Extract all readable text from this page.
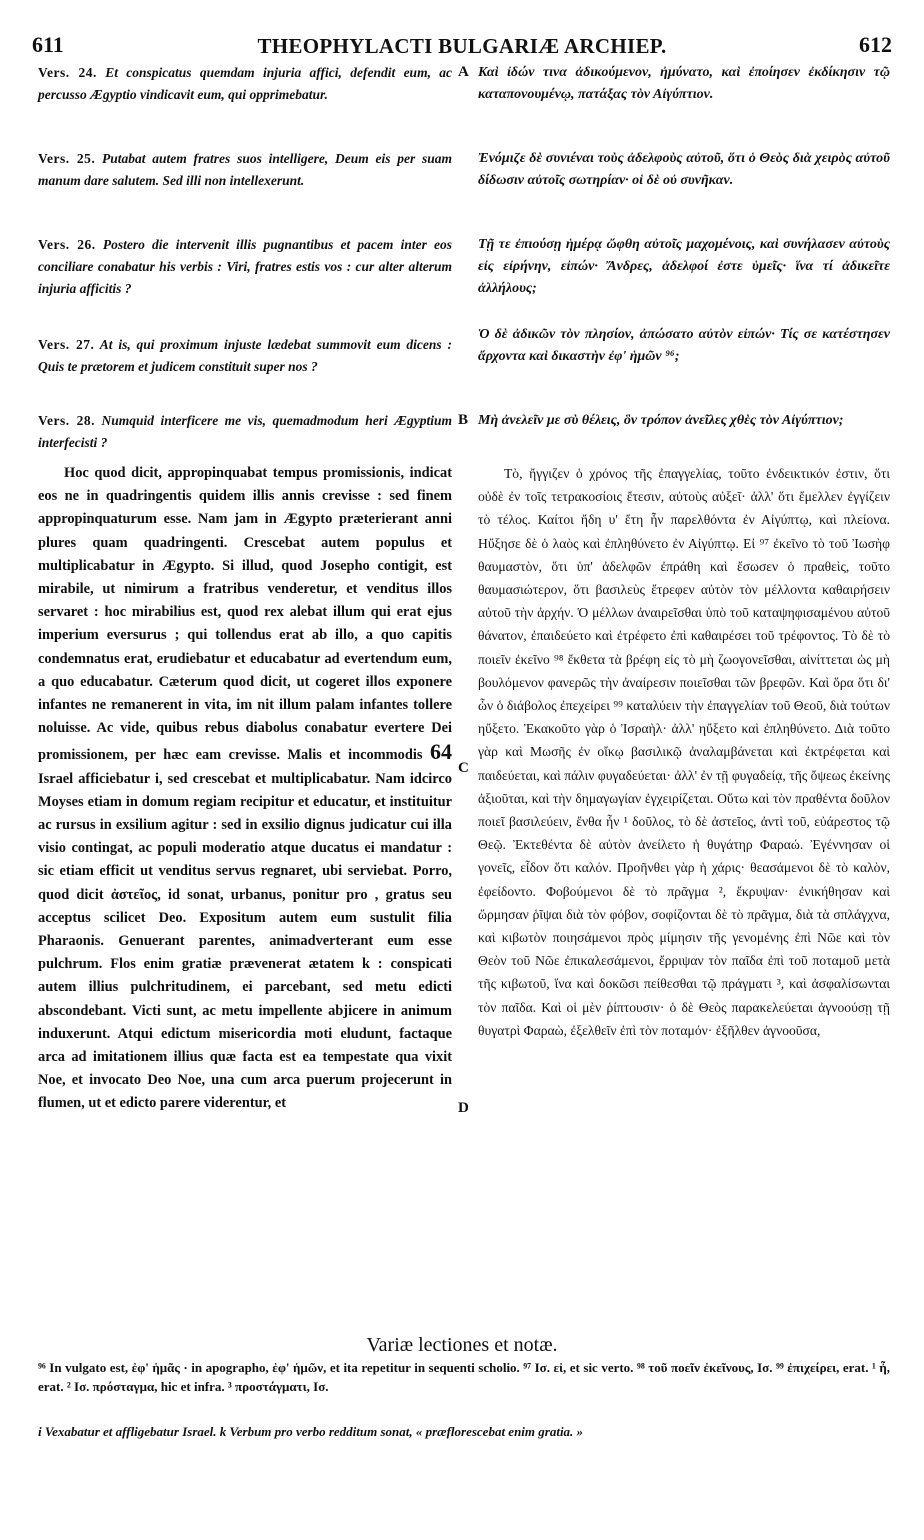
611	THEOPHYLACTI BULGARIÆ ARCHIEP.	612
A
B
C
D

Vers. 24. Et conspicatus quemdam injuria affici, defendit eum, ac percusso Ægyptio vindicavit eum, qui opprimebatur.

Vers. 25. Putabat autem fratres suos intelligere, Deum eis per suam manum dare salutem. Sed illi non intellexerunt.

Vers. 26. Postero die intervenit illis pugnantibus et pacem inter eos conciliare conabatur his verbis : Viri, fratres estis vos : cur alter alterum injuria afficitis ?

Vers. 27. At is, qui proximum injuste lædebat summovit eum dicens : Quis te prætorem et judicem constituit super nos ?

Vers. 28. Numquid interficere me vis, quemadmodum heri Ægyptium interfecisti ?

Hoc quod dicit, appropinquabat tempus promissionis, indicat eos ne in quadringentis quidem illis annis crevisse : sed finem appropinquaturum esse. Nam jam in Ægypto præterierant anni plures quam quadringenti. Crescebat autem populus et multiplicabatur in Ægypto. Si illud, quod Josepho contigit, est mirabile, ut nimirum a fratribus venderetur, et venditus illos servaret : hoc mirabilius est, quod rex alebat illum qui erat ejus imperium eversurus ; qui tollendus erat ab illo, a quo capitis condemnatus erat, erudiebatur et educabatur ad evertendum eum, a quo educabatur. Cæterum quod dicit, ut cogeret illos exponere infantes ne remanerent in vita, im nit illum palam infantes tollere noluisse. Ac vide, quibus rebus diabolus conabatur evertere Dei promissionem, per hæc eam crevisse. Malis et incommodis 64 Israel afficiebatur i, sed crescebat et multiplicabatur. Nam idcirco Moyses etiam in domum regiam recipitur et educatur, et instituitur ac rursus in exsilium agitur : sed in exsilio dignus judicatur cui illa visio contingat, ac populi moderatio atque ducatus ei mandatur : sic etiam efficit ut venditus servus regnaret, ubi serviebat. Porro, quod dicit ἀστεῖος, id sonat, urbanus, ponitur pro , gratus seu acceptus scilicet Deo. Expositum autem eum sustulit filia Pharaonis. Genuerant parentes, animadverterant eum esse pulchrum. Flos enim gratiæ prævenerat ætatem k : conspicati autem illius pulchritudinem, ei parcebant, sed metu edicti abscondebant. Victi sunt, ac metu impellente abjicere in animum induxerunt. Atqui edictum misericordia moti eludunt, factaque arca ad imitationem illius quæ facta est ea tempestate qua vixit Noe, et invocato Deo Noe, una cum arca puerum projecerunt in flumen, ut et edicto parere viderentur, et

Καὶ ἰδών τινα ἀδικούμενον, ἠμύνατο, καὶ ἐποίησεν ἐκδίκησιν τῷ καταπονουμένῳ, πατάξας τὸν Αἰγύπτιον.

Ἐνόμιζε δὲ συνιέναι τοὺς ἀδελφοὺς αὐτοῦ, ὅτι ὁ Θεὸς διὰ χειρὸς αὐτοῦ δίδωσιν αὐτοῖς σωτηρίαν· οἱ δὲ οὐ συνῆκαν.

Τῇ τε ἐπιούσῃ ἡμέρᾳ ὤφθη αὐτοῖς μαχομένοις, καὶ συνήλασεν αὐτοὺς εἰς εἰρήνην, εἰπών· Ἄνδρες, ἀδελφοί ἐστε ὑμεῖς· ἵνα τί ἀδικεῖτε ἀλλήλους;

Ὁ δὲ ἀδικῶν τὸν πλησίον, ἀπώσατο αὐτὸν εἰπών· Τίς σε κατέστησεν ἄρχοντα καὶ δικαστὴν ἐφ' ἡμῶν ⁹⁶;

Μὴ ἀνελεῖν με σὺ θέλεις, ὃν τρόπον ἀνεῖλες χθὲς τὸν Αἰγύπτιον;

Τὸ, ἤγγιζεν ὁ χρόνος τῆς ἐπαγγελίας, τοῦτο ἐνδεικτικόν ἐστιν, ὅτι οὐδὲ ἐν τοῖς τετρακοσίοις ἔτεσιν, αὐτοὺς αὐξεῖ· ἀλλ' ὅτι ἔμελλεν ἐγγίζειν τὸ τέλος. Καίτοι ἤδη υ' ἔτη ἦν παρελθόντα ἐν Αἰγύπτῳ, καὶ πλείονα. Ηὔξησε δὲ ὁ λαὸς καὶ ἐπληθύνετο ἐν Αἰγύπτῳ. Εἰ ⁹⁷ ἐκεῖνο τὸ τοῦ Ἰωσὴφ θαυμαστὸν, ὅτι ὑπ' ἀδελφῶν ἐπράθη καὶ ἔσωσεν ὁ πραθεὶς, τοῦτο θαυμασιώτερον, ὅτι βασιλεὺς ἔτρεφεν αὐτὸν τὸν μέλλοντα καθαιρήσειν αὐτοῦ τὴν ἀρχήν. Ὁ μέλλων ἀναιρεῖσθαι ὑπὸ τοῦ καταψηφισαμένου αὐτοῦ θάνατον, ἐπαιδεύετο καὶ ἐτρέφετο ἐπὶ καθαιρέσει τοῦ τρέφοντος. Τὸ δὲ τὸ ποιεῖν ἐκεῖνο ⁹⁸ ἔκθετα τὰ βρέφη εἰς τὸ μὴ ζωογονεῖσθαι, αἰνίττεται ὡς μὴ βουλόμενον φανερῶς τὴν ἀναίρεσιν ποιεῖσθαι τῶν βρεφῶν. Καὶ ὅρα ὅτι δι' ὧν ὁ διάβολος ἐπεχείρει ⁹⁹ καταλύειν τὴν ἐπαγγελίαν τοῦ Θεοῦ, διὰ τούτων ηὔξετο. Ἐκακοῦτο γὰρ ὁ Ἰσραὴλ· ἀλλ' ηὔξετο καὶ ἐπληθύνετο. Διὰ τοῦτο γὰρ καὶ Μωσῆς ἐν οἴκῳ βασιλικῷ ἀναλαμβάνεται καὶ ἐκτρέφεται καὶ παιδεύεται, καὶ πάλιν φυγαδεύεται· ἀλλ' ἐν τῇ φυγαδείᾳ, τῆς ὄψεως ἐκείνης ἀξιοῦται, καὶ τὴν δημαγωγίαν ἐγχειρίζεται. Οὕτω καὶ τὸν πραθέντα δοῦλον ποιεῖ βασιλεύειν, ἔνθα ἦν ¹ δοῦλος, τὸ δὲ ἀστεῖος, ἀντὶ τοῦ, εὐάρεστος τῷ Θεῷ. Ἐκτεθέντα δὲ αὐτὸν ἀνείλετο ἡ θυγάτηρ Φαραώ. Ἐγέννησαν οἱ γονεῖς, εἶδον ὅτι καλόν. Προῆνθει γὰρ ἡ χάρις· θεασάμενοι δὲ τὸ καλὸν, ἐφείδοντο. Φοβούμενοι δὲ τὸ πρᾶγμα ², ἔκρυψαν· ἐνικήθησαν καὶ ὥρμησαν ῥῖψαι διὰ τὸν φόβον, σοφίζονται δὲ τὸ πρᾶγμα, διὰ τὰ σπλάγχνα, καὶ κιβωτὸν ποιησάμενοι πρὸς μίμησιν τῆς γενομένης ἐπὶ Νῶε καὶ τὸν Θεὸν τοῦ Νῶε ἐπικαλεσάμενοι, ἔρριψαν τὸν παῖδα ἐπὶ τοῦ ποταμοῦ μετὰ τῆς κιβωτοῦ, ἵνα καὶ δοκῶσι πείθεσθαι τῷ πράγματι ³, καὶ ἀσφαλίσωνται τὸν παῖδα. Καὶ οἱ μὲν ῥίπτουσιν· ὁ δὲ Θεὸς παρακελεύεται ἀγνοούσῃ τῇ θυγατρὶ Φαραὼ, ἐξελθεῖν ἐπὶ τὸν ποταμόν· ἐξῆλθεν ἀγνοοῦσα,

Variæ lectiones et notæ.
⁹⁶ In vulgato est, ἐφ' ἡμᾶς · in apographo, ἐφ' ἡμῶν, et ita repetitur in sequenti scholio. ⁹⁷ Ισ. εἰ, et sic verto. ⁹⁸ τοῦ ποεῖν ἐκεῖνους, Ισ. ⁹⁹ ἐπιχείρει, erat. ¹ ἦ, erat. ² Ισ. πρόσταγμα, hic et infra. ³ προστάγματι, Ισ.
i Vexabatur et affligebatur Israel. k Verbum pro verbo redditum sonat, « præflorescebat enim gratia. »
